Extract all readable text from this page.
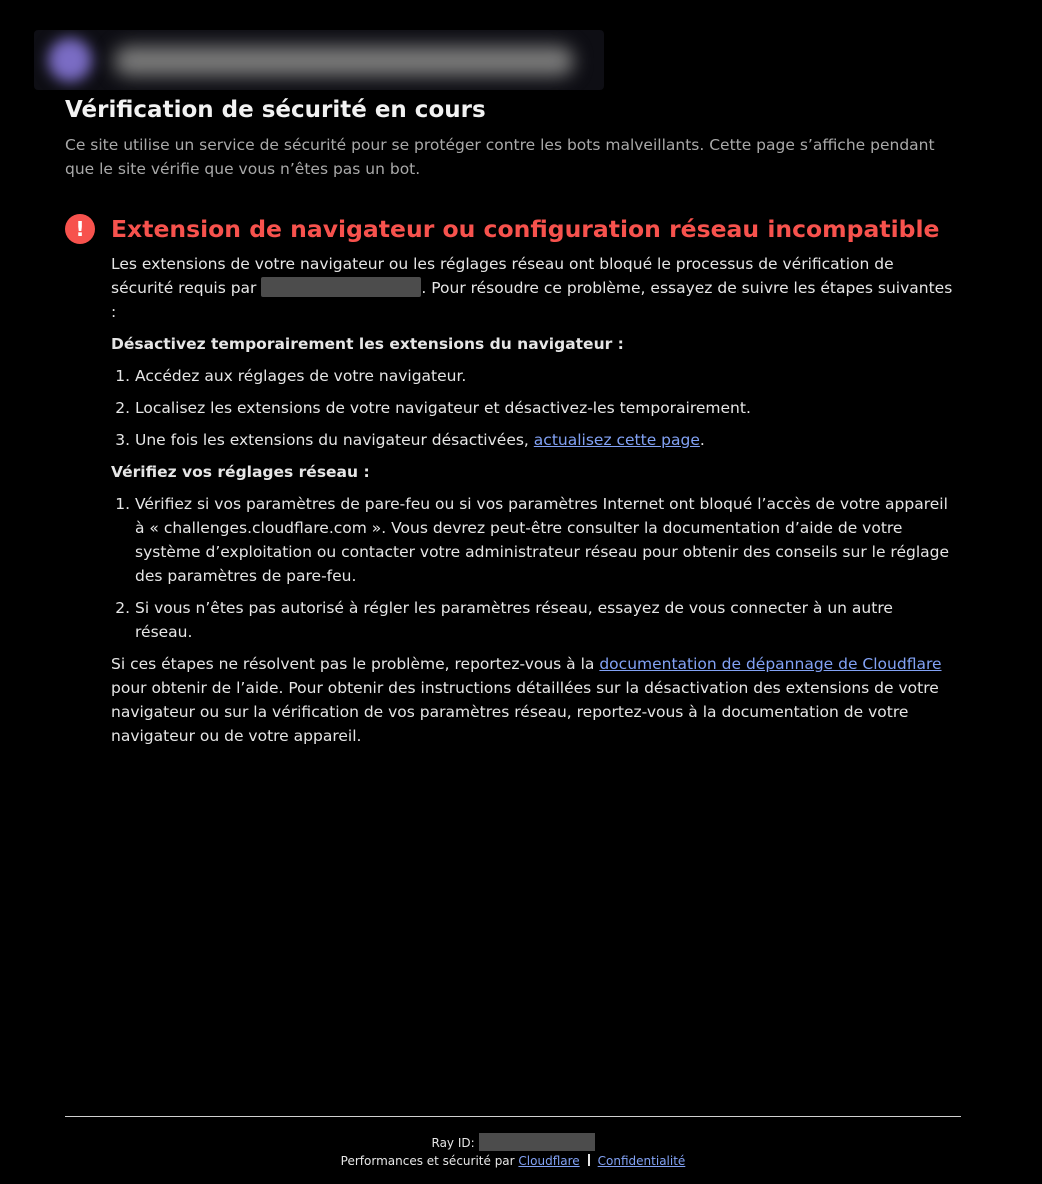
Vérification de sécurité en cours

Ce site utilise un service de sécurité pour se protéger contre les bots malveillants. Cette page s’affiche pendant que le site vérifie que vous n’êtes pas un bot.

!	Extension de navigateur ou configuration réseau incompatible

Les extensions de votre navigateur ou les réglages réseau ont bloqué le processus de vérification de sécurité requis par	. Pour résoudre ce problème, essayez de suivre les étapes suivantes :

Désactivez temporairement les extensions du navigateur :

1. Accédez aux réglages de votre navigateur.
2. Localisez les extensions de votre navigateur et désactivez-les temporairement.
3. Une fois les extensions du navigateur désactivées, actualisez cette page.

Vérifiez vos réglages réseau :

1. Vérifiez si vos paramètres de pare-feu ou si vos paramètres Internet ont bloqué l’accès de votre appareil à « challenges.cloudflare.com ». Vous devrez peut-être consulter la documentation d’aide de votre système d’exploitation ou contacter votre administrateur réseau pour obtenir des conseils sur le réglage des paramètres de pare-feu.
2. Si vous n’êtes pas autorisé à régler les paramètres réseau, essayez de vous connecter à un autre réseau.

Si ces étapes ne résolvent pas le problème, reportez-vous à la documentation de dépannage de Cloudflare pour obtenir de l’aide. Pour obtenir des instructions détaillées sur la désactivation des extensions de votre navigateur ou sur la vérification de vos paramètres réseau, reportez-vous à la documentation de votre navigateur ou de votre appareil.

Ray ID:
Performances et sécurité par Cloudflare Confidentialité
